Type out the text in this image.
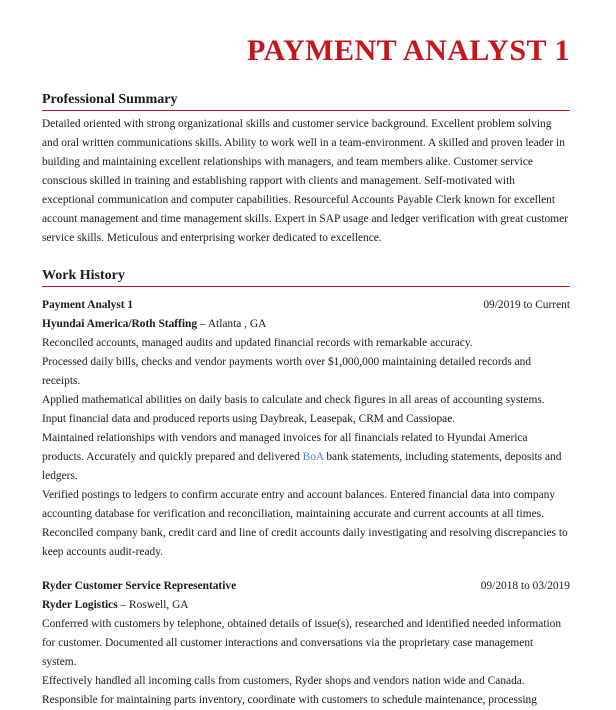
PAYMENT ANALYST 1
Professional Summary

Detailed oriented with strong organizational skills and customer service background. Excellent problem solving and oral written communications skills. Ability to work well in a team-environment. A skilled and proven leader in building and maintaining excellent relationships with managers, and team members alike. Customer service conscious skilled in training and establishing rapport with clients and management. Self-motivated with exceptional communication and computer capabilities. Resourceful Accounts Payable Clerk known for excellent account management and time management skills. Expert in SAP usage and ledger verification with great customer service skills. Meticulous and enterprising worker dedicated to excellence.

Work History
Payment Analyst 1	09/2019 to Current
Hyundai America/Roth Staffing – Atlanta , GA

Reconciled accounts, managed audits and updated financial records with remarkable accuracy.

Processed daily bills, checks and vendor payments worth over $1,000,000 maintaining detailed records and receipts.

Applied mathematical abilities on daily basis to calculate and check figures in all areas of accounting systems.

Input financial data and produced reports using Daybreak, Leasepak, CRM and Cassiopae.

Maintained relationships with vendors and managed invoices for all financials related to Hyundai America products. Accurately and quickly prepared and delivered BoA bank statements, including statements, deposits and ledgers.

Verified postings to ledgers to confirm accurate entry and account balances. Entered financial data into company accounting database for verification and reconciliation, maintaining accurate and current accounts at all times. Reconciled company bank, credit card and line of credit accounts daily investigating and resolving discrepancies to keep accounts audit-ready.

Ryder Customer Service Representative	09/2018 to 03/2019
Ryder Logistics – Roswell, GA

Conferred with customers by telephone, obtained details of issue(s), researched and identified needed information for customer. Documented all customer interactions and conversations via the proprietary case management system.

Effectively handled all incoming calls from customers, Ryder shops and vendors nation wide and Canada.

Responsible for maintaining parts inventory, coordinate with customers to schedule maintenance, processing
